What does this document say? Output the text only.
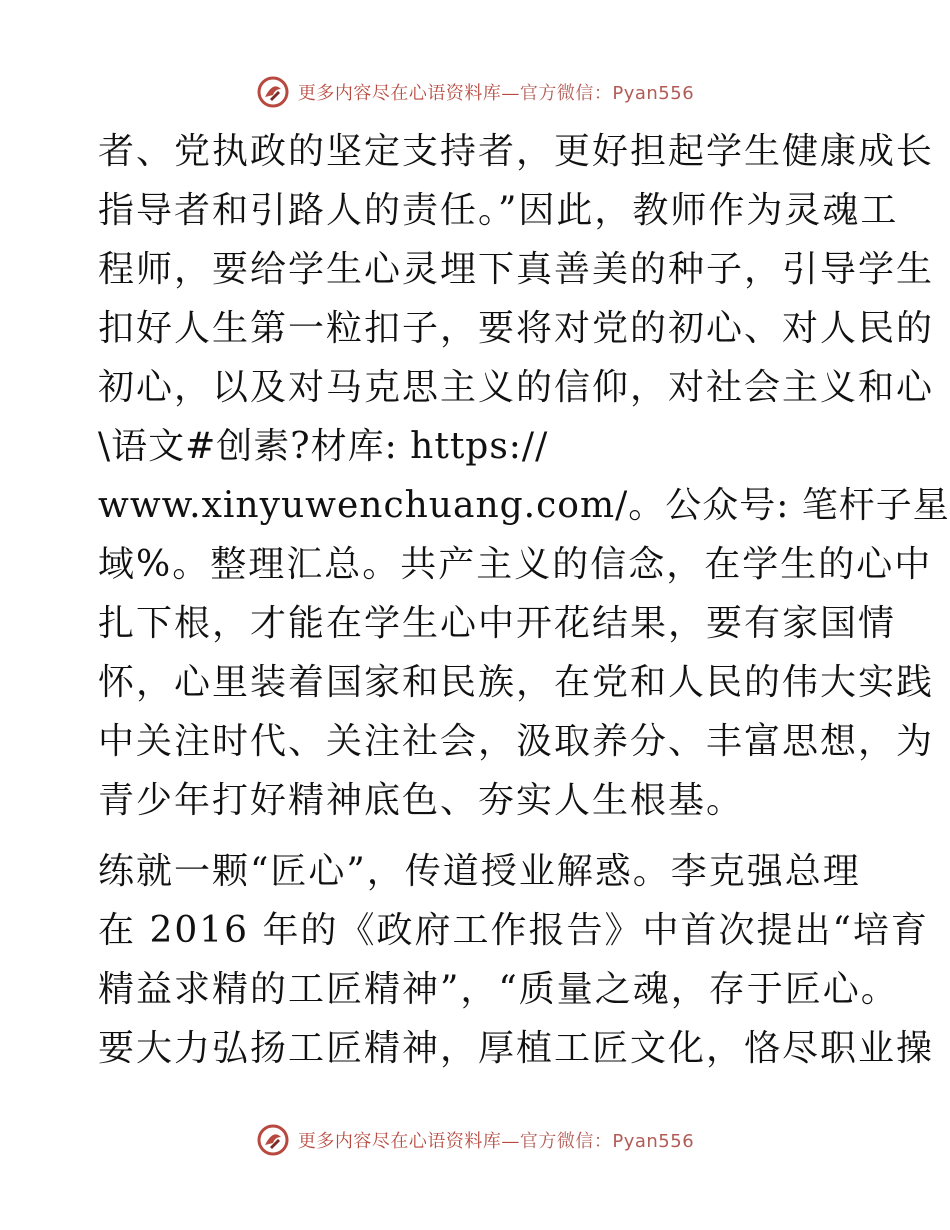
更多内容尽在心语资料库—官方微信：Pyan556
者、党执政的坚定支持者，更好担起学生健康成长
指导者和引路人的责任。”因此，教师作为灵魂工
程师，要给学生心灵埋下真善美的种子，引导学生
扣好人生第一粒扣子，要将对党的初心、对人民的
初心，以及对马克思主义的信仰，对社会主义和心
\语文#创素?材库: https://
www.xinyuwenchuang.com/。公众号: 笔杆子星
域%。整理汇总。共产主义的信念，在学生的心中
扎下根，才能在学生心中开花结果，要有家国情
怀，心里装着国家和民族，在党和人民的伟大实践
中关注时代、关注社会，汲取养分、丰富思想，为
青少年打好精神底色、夯实人生根基。
练就一颗“匠心”，传道授业解惑。李克强总理
在 2016 年的《政府工作报告》中首次提出“培育
精益求精的工匠精神”，“质量之魂，存于匠心。
要大力弘扬工匠精神，厚植工匠文化，恪尽职业操
更多内容尽在心语资料库—官方微信：Pyan556
